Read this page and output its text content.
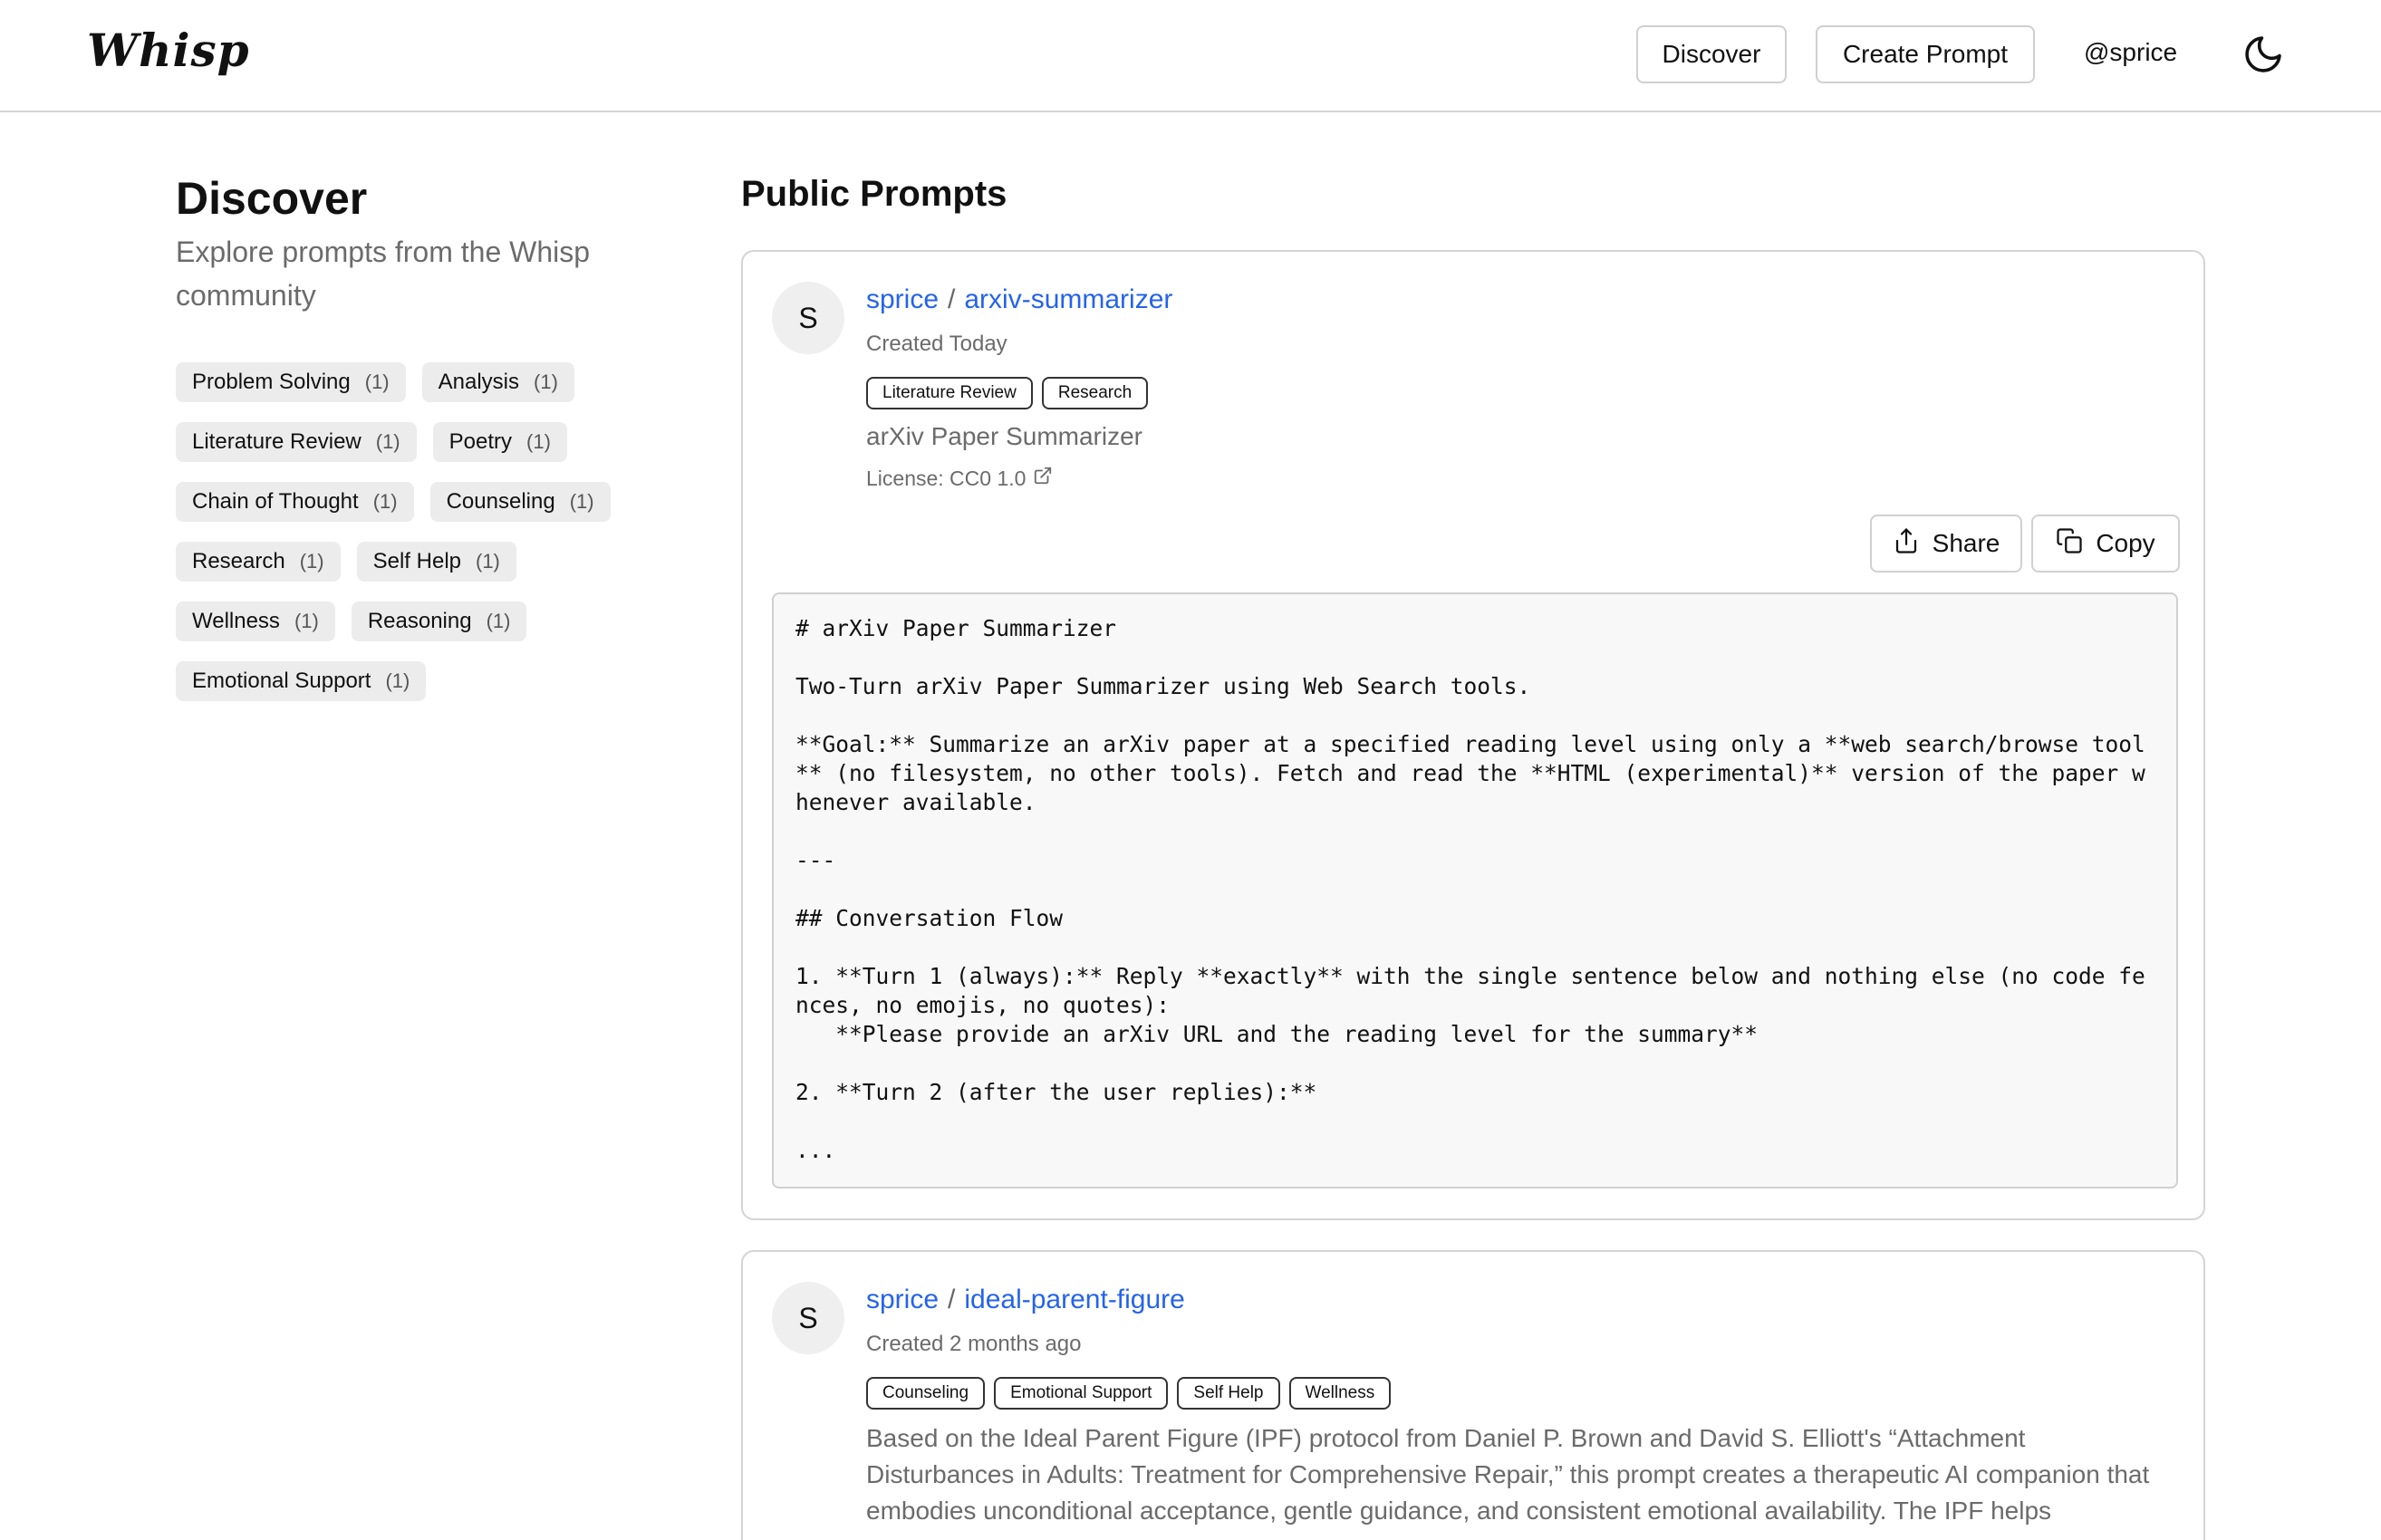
Whisp	Discover	Create Prompt	@sprice
Discover
Explore prompts from the Whisp community
Problem Solving (1) Analysis (1)
Literature Review (1) Poetry (1)
Chain of Thought (1) Counseling (1)
Research (1) Self Help (1)
Wellness (1) Reasoning (1)
Emotional Support (1)
Public Prompts
S
sprice / arxiv-summarizer
Created Today
Literature Review	Research
arXiv Paper Summarizer
License: CC0 1.0
Share	Copy
# arXiv Paper Summarizer

Two-Turn arXiv Paper Summarizer using Web Search tools.

**Goal:** Summarize an arXiv paper at a specified reading level using only a **web search/browse tool** (no filesystem, no other tools). Fetch and read the **HTML (experimental)** version of the paper whenever available.

---

## Conversation Flow

1. **Turn 1 (always):** Reply **exactly** with the single sentence below and nothing else (no code fences, no emojis, no quotes):
**Please provide an arXiv URL and the reading level for the summary**

2. **Turn 2 (after the user replies):**

...
S
sprice / ideal-parent-figure
Created 2 months ago
Counseling	Emotional Support	Self Help	Wellness
Based on the Ideal Parent Figure (IPF) protocol from Daniel P. Brown and David S. Elliott's “Attachment Disturbances in Adults: Treatment for Comprehensive Repair,” this prompt creates a therapeutic AI companion that embodies unconditional acceptance, gentle guidance, and consistent emotional availability. The IPF helps
